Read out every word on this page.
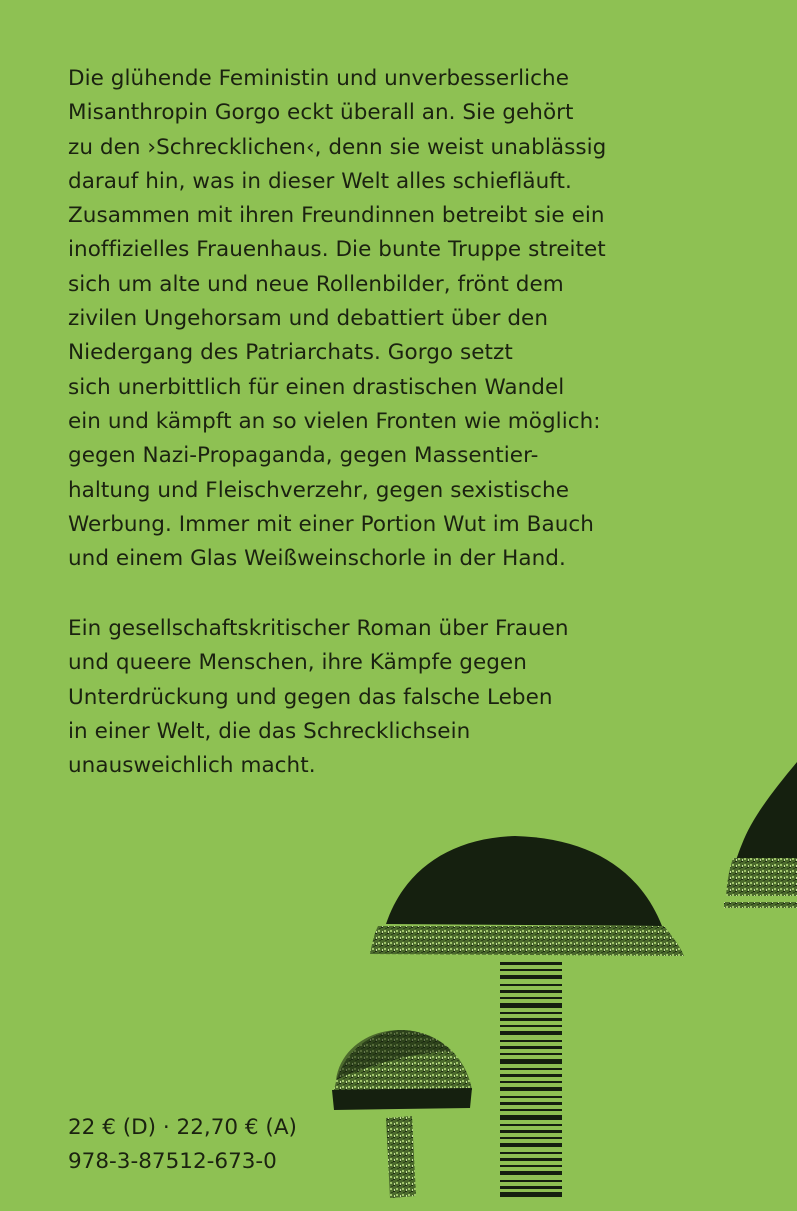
Die glühende Feministin und unverbesserliche
Misanthropin Gorgo eckt überall an. Sie gehört
zu den ›Schrecklichen‹, denn sie weist unablässig
darauf hin, was in dieser Welt alles schiefläuft.
Zusammen mit ihren Freundinnen betreibt sie ein
inoffizielles Frauenhaus. Die bunte Truppe streitet
sich um alte und neue Rollenbilder, frönt dem
zivilen Ungehorsam und debattiert über den
Niedergang des Patriarchats. Gorgo setzt
sich unerbittlich für einen drastischen Wandel
ein und kämpft an so vielen Fronten wie möglich:
gegen Nazi-Propaganda, gegen Massentier-
haltung und Fleischverzehr, gegen sexistische
Werbung. Immer mit einer Portion Wut im Bauch
und einem Glas Weißweinschorle in der Hand.

Ein gesellschaftskritischer Roman über Frauen
und queere Menschen, ihre Kämpfe gegen
Unterdrückung und gegen das falsche Leben
in einer Welt, die das Schrecklichsein
unausweichlich macht.

22 € (D) · 22,70 € (A)
978-3-87512-673-0
